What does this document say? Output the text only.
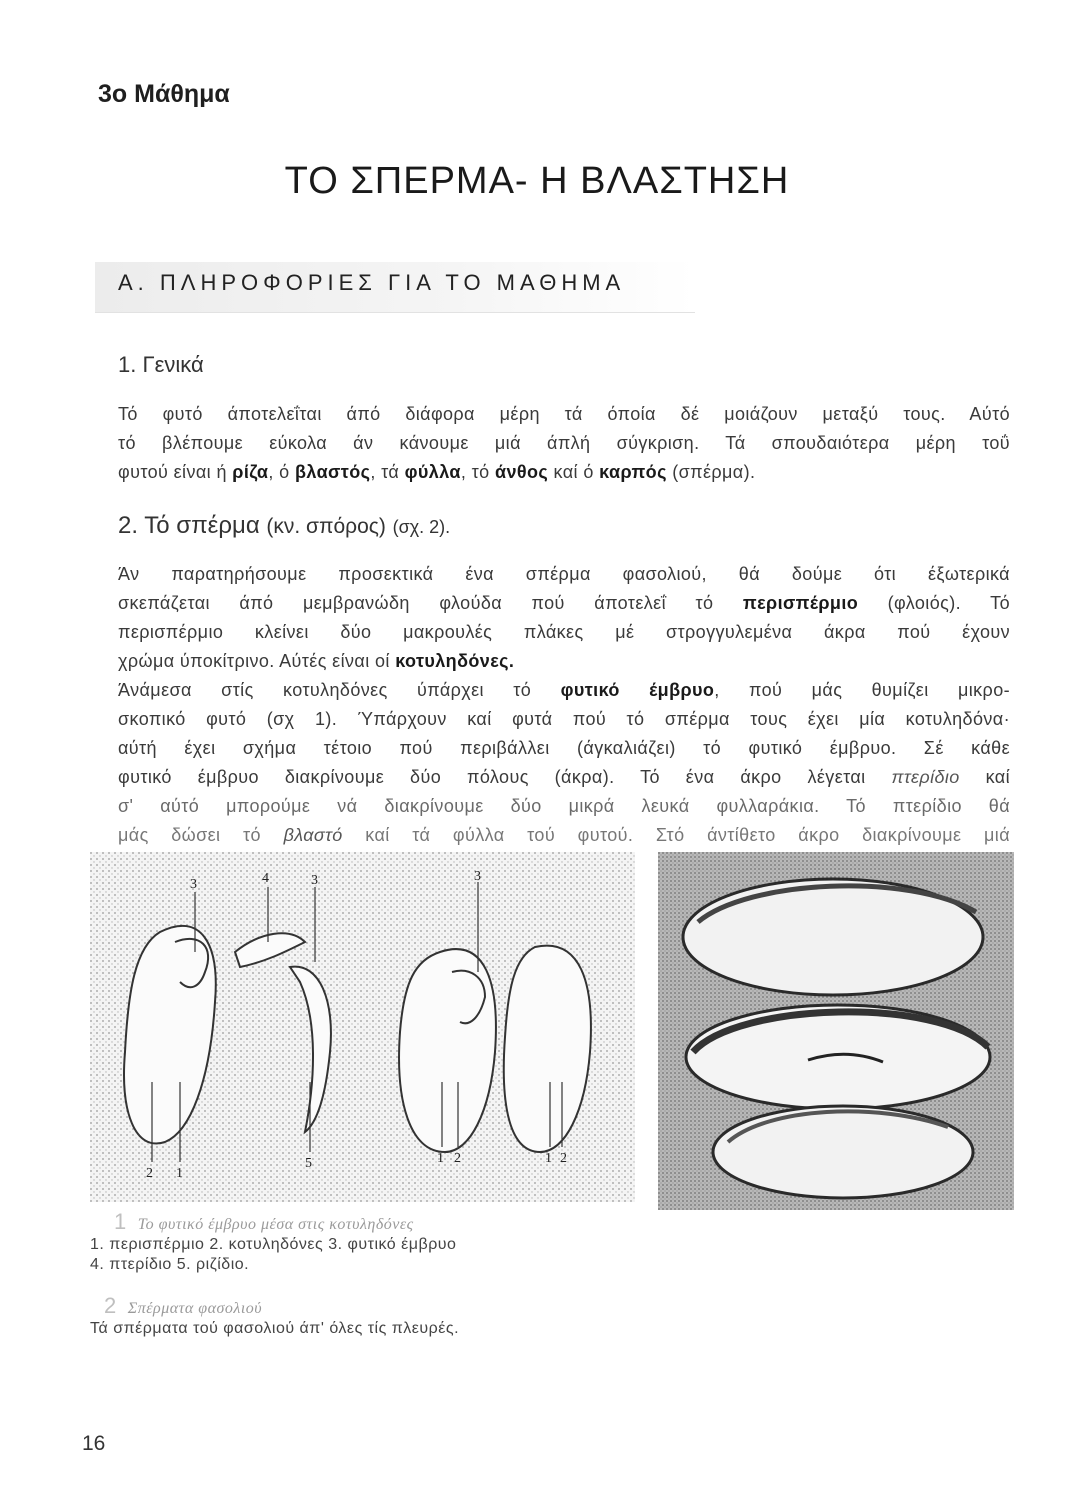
3ο Μάθημα
ΤΟ ΣΠΕΡΜΑ- Η ΒΛΑΣΤΗΣΗ
Α. ΠΛΗΡΟΦΟΡΙΕΣ ΓΙΑ ΤΟ ΜΑΘΗΜΑ
1. Γενικά
Τό φυτό άποτελεΐται άπό διάφορα μέρη τά όποία δέ μοιάζουν μεταξύ τους. Αύτό
τό βλέπουμε εύκολα άν κάνουμε μιά άπλή σύγκριση. Τά σπουδαιότερα μέρη τοΰ
φυτού είναι ή ρίζα, ό βλαστός, τά φύλλα, τό άνθος καί ό καρπός (σπέρμα).
2. Τό σπέρμα (κν. σπόρος) (σχ. 2).
Άν παρατηρήσουμε προσεκτικά ένα σπέρμα φασολιού, θά δούμε ότι έξωτερικά
σκεπάζεται άπό μεμβρανώδη φλούδα πού άποτελεΐ τό περισπέρμιο (φλοιός). Τό
περισπέρμιο κλείνει δύο μακρουλές πλάκες μέ στρογγυλεμένα άκρα πού έχουν
χρώμα ύποκίτρινο. Αύτές είναι οί κοτυληδόνες.
Άνάμεσα στίς κοτυληδόνες ύπάρχει τό φυτικό έμβρυο, πού μάς θυμίζει μικρο-
σκοπικό φυτό (σχ 1). Ύπάρχουν καί φυτά πού τό σπέρμα τους έχει μία κοτυληδόνα·
αύτή έχει σχήμα τέτοιο πού περιβάλλει (άγκαλιάζει) τό φυτικό έμβρυο. Σέ κάθε
φυτικό έμβρυο διακρίνουμε δύο πόλους (άκρα). Τό ένα άκρο λέγεται πτερίδιο καί
σ' αύτό μπορούμε νά διακρίνουμε δύο μικρά λευκά φυλλαράκια. Τό πτερίδιο θά
μάς δώσει τό βλαστό καί τά φύλλα τού φυτού. Στό άντίθετο άκρο διακρίνουμε μιά
3	4	3	3
2 1
5	1 2	1 2
1 Το φυτικό έμβρυο μέσα στις κοτυληδόνες
1. περισπέρμιο 2. κοτυληδόνες 3. φυτικό έμβρυο
4. πτερίδιο 5. ριζίδιο.
2 Σπέρματα φασολιού
Τά σπέρματα τού φασολιού άπ' όλες τίς πλευρές.
16
